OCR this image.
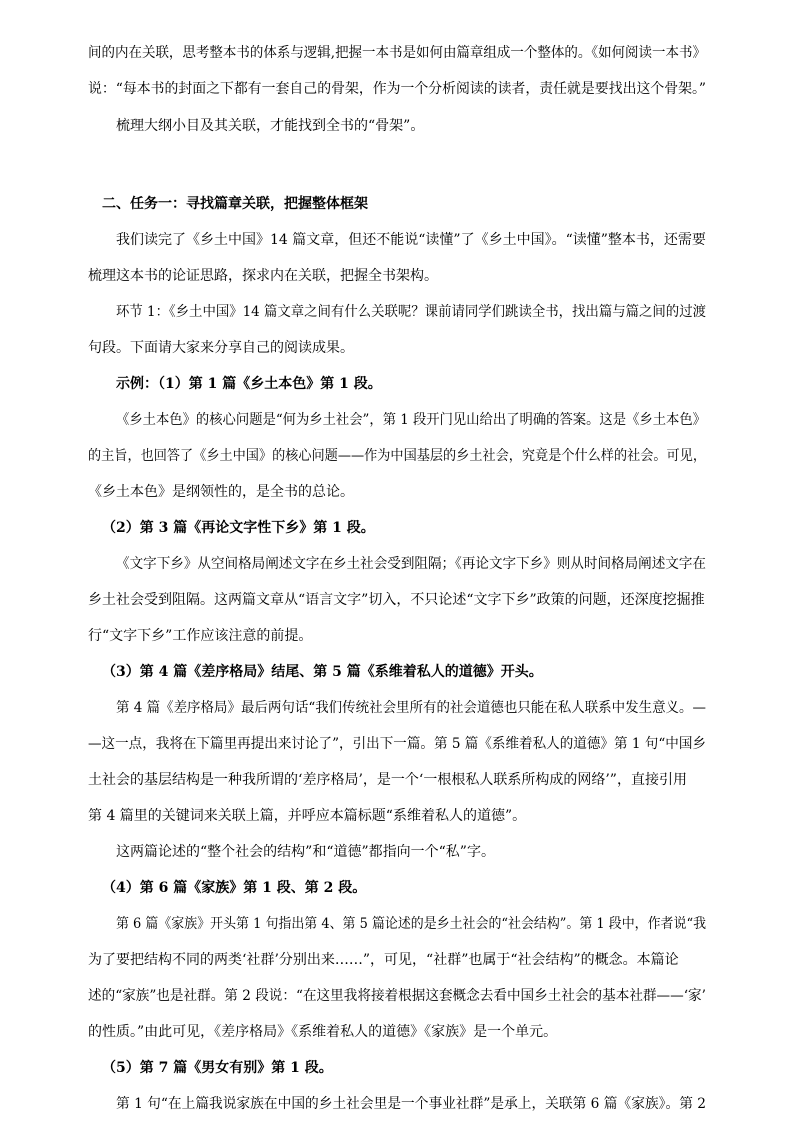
间的内在关联，思考整本书的体系与逻辑,把握一本书是如何由篇章组成一个整体的。《如何阅读一本书》
说：“每本书的封面之下都有一套自己的骨架，作为一个分析阅读的读者，责任就是要找出这个骨架。”
梳理大纲小目及其关联，才能找到全书的“骨架”。
二、任务一：寻找篇章关联，把握整体框架
我们读完了《乡土中国》14 篇文章，但还不能说“读懂”了《乡土中国》。“读懂”整本书，还需要
梳理这本书的论证思路，探求内在关联，把握全书架构。
环节 1：《乡土中国》14 篇文章之间有什么关联呢？课前请同学们跳读全书，找出篇与篇之间的过渡
句段。下面请大家来分享自己的阅读成果。
示例：（1）第 1 篇《乡土本色》第 1 段。
《乡土本色》的核心问题是“何为乡土社会”，第 1 段开门见山给出了明确的答案。这是《乡土本色》
的主旨，也回答了《乡土中国》的核心问题——作为中国基层的乡土社会，究竟是个什么样的社会。可见，
《乡土本色》是纲领性的，是全书的总论。
（2）第 3 篇《再论文字性下乡》第 1 段。
《文字下乡》从空间格局阐述文字在乡土社会受到阻隔；《再论文字下乡》则从时间格局阐述文字在
乡土社会受到阻隔。这两篇文章从“语言文字”切入，不只论述“文字下乡”政策的问题，还深度挖掘推
行“文字下乡”工作应该注意的前提。
（3）第 4 篇《差序格局》结尾、第 5 篇《系维着私人的道德》开头。
第 4 篇《差序格局》最后两句话“我们传统社会里所有的社会道德也只能在私人联系中发生意义。—
—这一点，我将在下篇里再提出来讨论了”，引出下一篇。第 5 篇《系维着私人的道德》第 1 句“中国乡
土社会的基层结构是一种我所谓的‘差序格局’，是一个‘一根根私人联系所构成的网络’”，直接引用
第 4 篇里的关键词来关联上篇，并呼应本篇标题“系维着私人的道德”。
这两篇论述的“整个社会的结构”和“道德”都指向一个“私”字。
（4）第 6 篇《家族》第 1 段、第 2 段。
第 6 篇《家族》开头第 1 句指出第 4、第 5 篇论述的是乡土社会的“社会结构”。第 1 段中，作者说“我
为了要把结构不同的两类‘社群’分别出来……”，可见，“社群”也属于“社会结构”的概念。本篇论
述的“家族”也是社群。第 2 段说：“在这里我将接着根据这套概念去看中国乡土社会的基本社群——‘家’
的性质。”由此可见，《差序格局》《系维着私人的道德》《家族》是一个单元。
（5）第 7 篇《男女有别》第 1 段。
第 1 句“在上篇我说家族在中国的乡土社会里是一个事业社群”是承上，关联第 6 篇《家族》。第 2
